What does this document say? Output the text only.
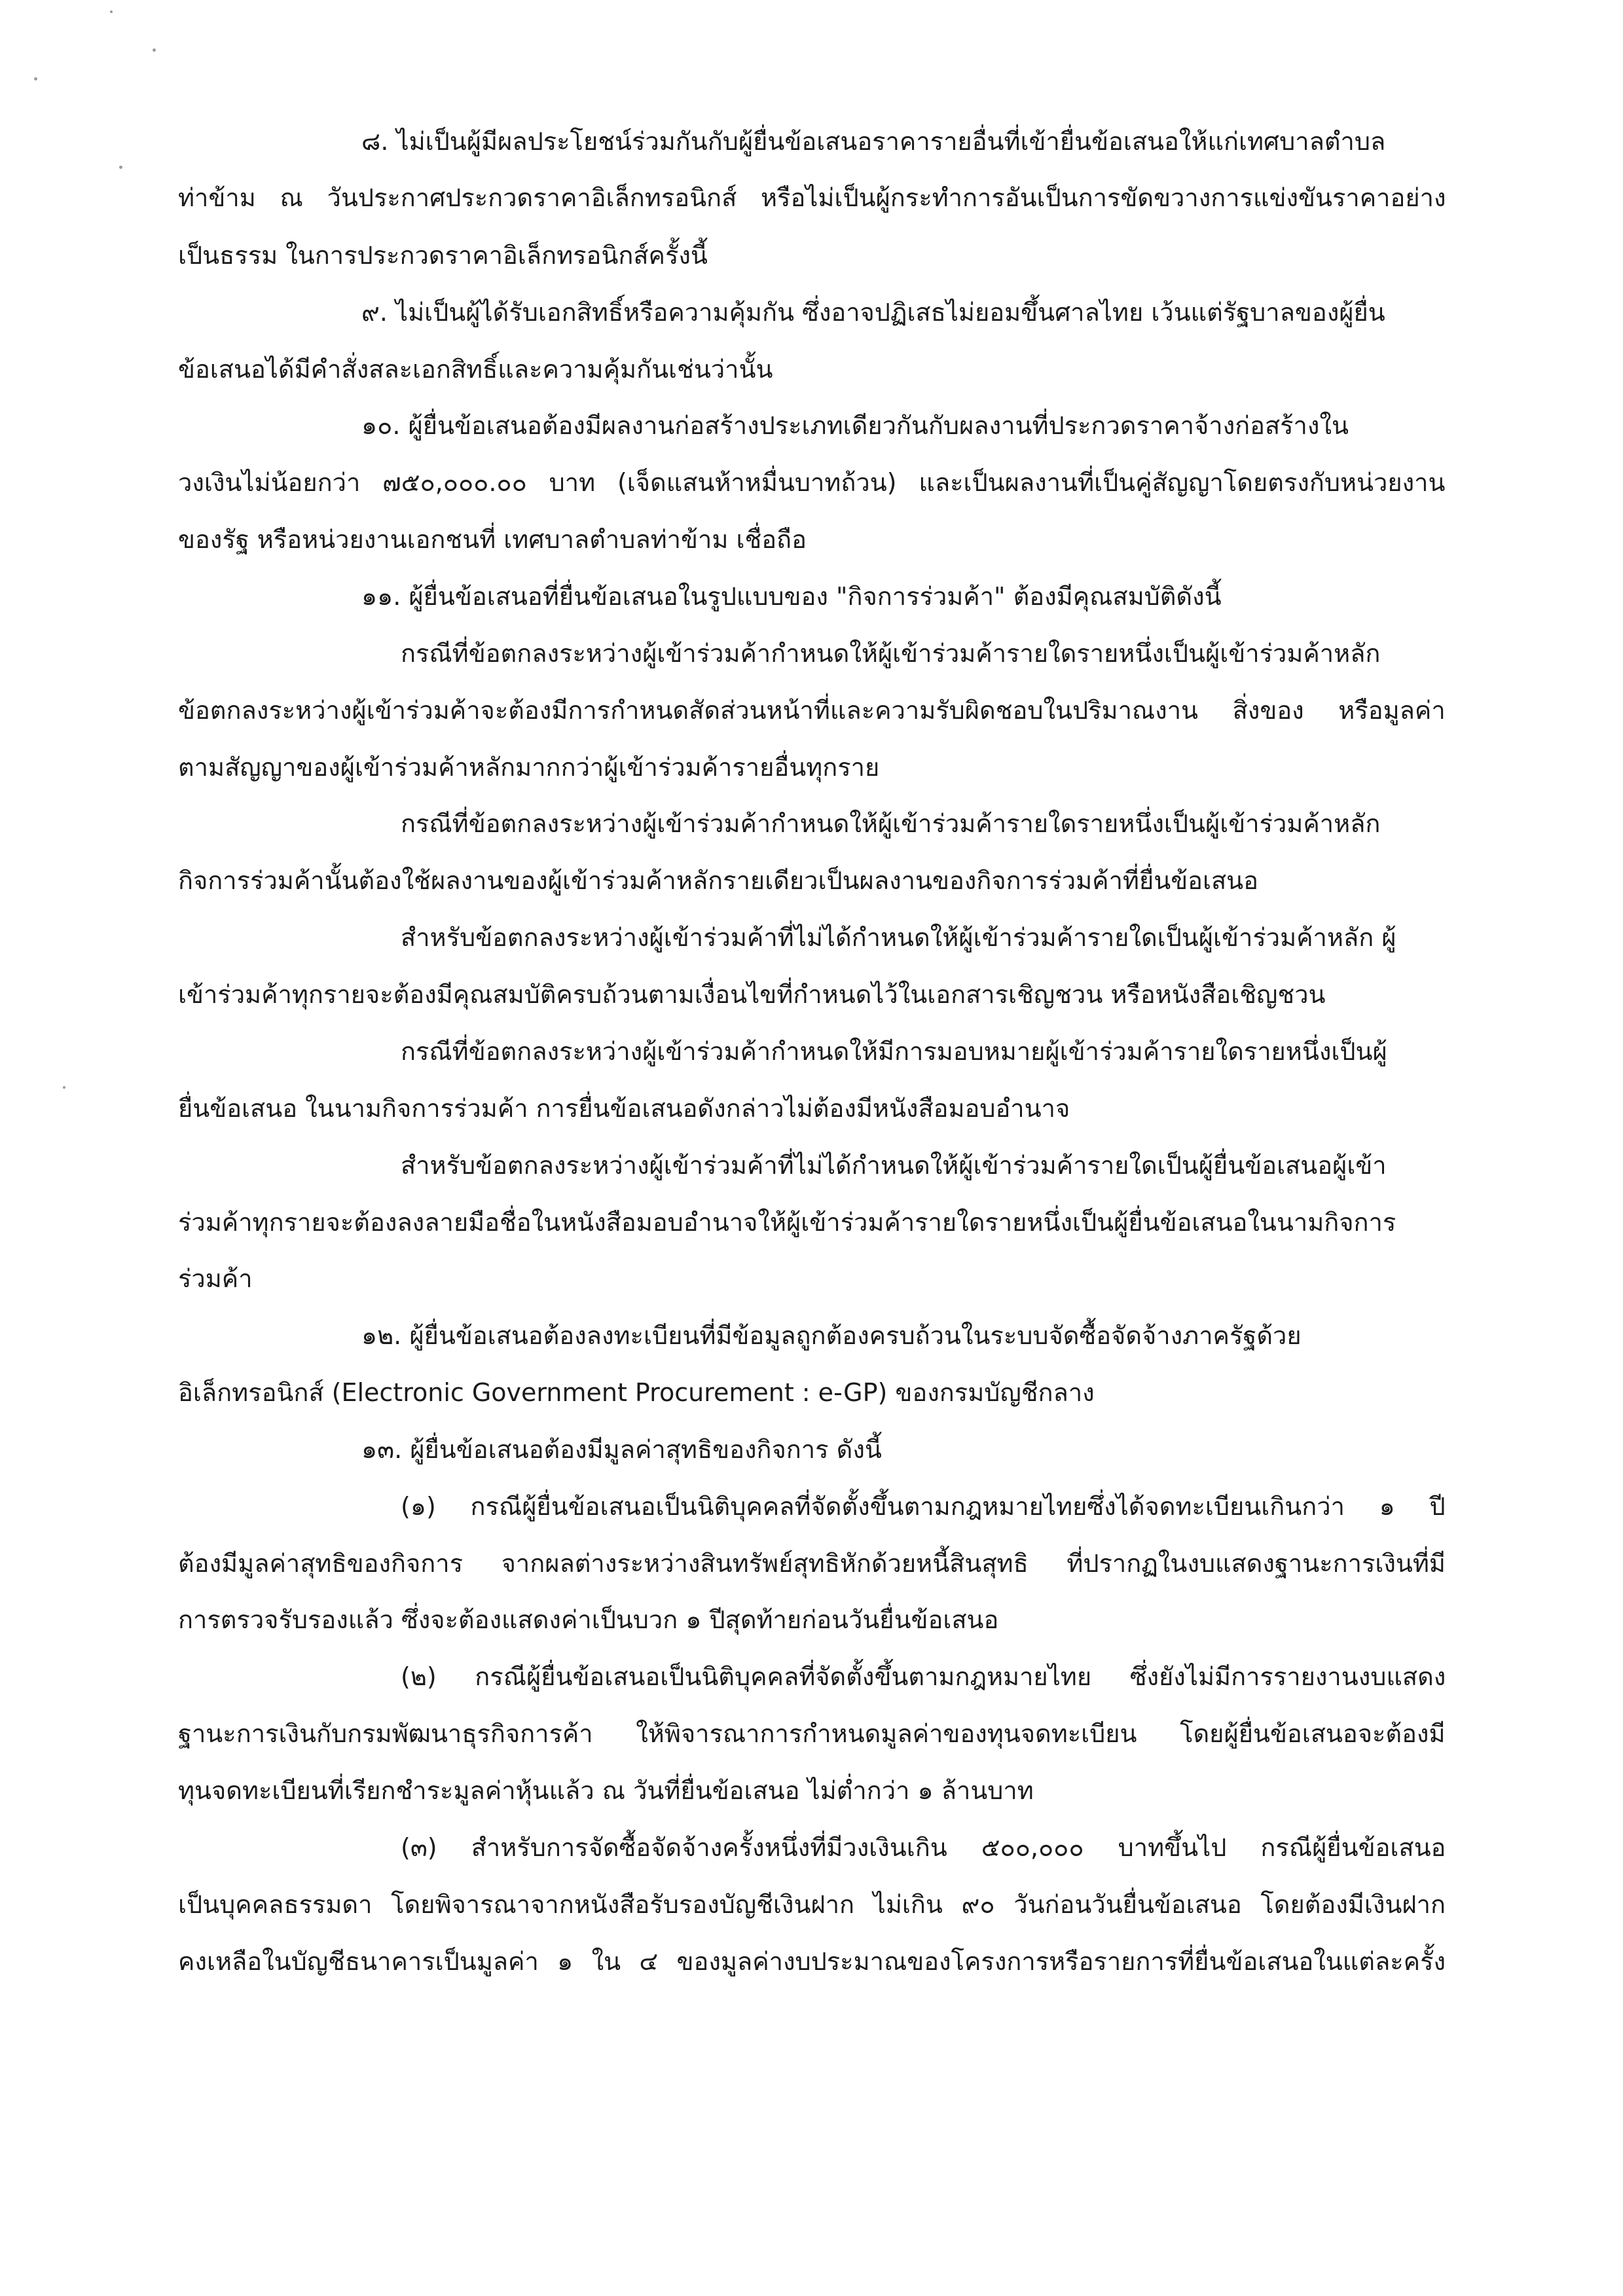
๘. ไม่เป็นผู้มีผลประโยชน์ร่วมกันกับผู้ยื่นข้อเสนอราคารายอื่นที่เข้ายื่นข้อเสนอให้แก่เทศบาลตำบล

ท่าข้าม ณ วันประกาศประกวดราคาอิเล็กทรอนิกส์ หรือไม่เป็นผู้กระทำการอันเป็นการขัดขวางการแข่งขันราคาอย่าง

เป็นธรรม ในการประกวดราคาอิเล็กทรอนิกส์ครั้งนี้

๙. ไม่เป็นผู้ได้รับเอกสิทธิ์หรือความคุ้มกัน ซึ่งอาจปฏิเสธไม่ยอมขึ้นศาลไทย เว้นแต่รัฐบาลของผู้ยื่น

ข้อเสนอได้มีคำสั่งสละเอกสิทธิ์และความคุ้มกันเช่นว่านั้น

๑๐. ผู้ยื่นข้อเสนอต้องมีผลงานก่อสร้างประเภทเดียวกันกับผลงานที่ประกวดราคาจ้างก่อสร้างใน

วงเงินไม่น้อยกว่า ๗๕๐,๐๐๐.๐๐ บาท (เจ็ดแสนห้าหมื่นบาทถ้วน) และเป็นผลงานที่เป็นคู่สัญญาโดยตรงกับหน่วยงาน

ของรัฐ หรือหน่วยงานเอกชนที่ เทศบาลตำบลท่าข้าม เชื่อถือ

๑๑. ผู้ยื่นข้อเสนอที่ยื่นข้อเสนอในรูปแบบของ "กิจการร่วมค้า" ต้องมีคุณสมบัติดังนี้

กรณีที่ข้อตกลงระหว่างผู้เข้าร่วมค้ากำหนดให้ผู้เข้าร่วมค้ารายใดรายหนึ่งเป็นผู้เข้าร่วมค้าหลัก

ข้อตกลงระหว่างผู้เข้าร่วมค้าจะต้องมีการกำหนดสัดส่วนหน้าที่และความรับผิดชอบในปริมาณงาน สิ่งของ หรือมูลค่า

ตามสัญญาของผู้เข้าร่วมค้าหลักมากกว่าผู้เข้าร่วมค้ารายอื่นทุกราย

กรณีที่ข้อตกลงระหว่างผู้เข้าร่วมค้ากำหนดให้ผู้เข้าร่วมค้ารายใดรายหนึ่งเป็นผู้เข้าร่วมค้าหลัก

กิจการร่วมค้านั้นต้องใช้ผลงานของผู้เข้าร่วมค้าหลักรายเดียวเป็นผลงานของกิจการร่วมค้าที่ยื่นข้อเสนอ

สำหรับข้อตกลงระหว่างผู้เข้าร่วมค้าที่ไม่ได้กำหนดให้ผู้เข้าร่วมค้ารายใดเป็นผู้เข้าร่วมค้าหลัก ผู้

เข้าร่วมค้าทุกรายจะต้องมีคุณสมบัติครบถ้วนตามเงื่อนไขที่กำหนดไว้ในเอกสารเชิญชวน หรือหนังสือเชิญชวน

กรณีที่ข้อตกลงระหว่างผู้เข้าร่วมค้ากำหนดให้มีการมอบหมายผู้เข้าร่วมค้ารายใดรายหนึ่งเป็นผู้

ยื่นข้อเสนอ ในนามกิจการร่วมค้า การยื่นข้อเสนอดังกล่าวไม่ต้องมีหนังสือมอบอำนาจ

สำหรับข้อตกลงระหว่างผู้เข้าร่วมค้าที่ไม่ได้กำหนดให้ผู้เข้าร่วมค้ารายใดเป็นผู้ยื่นข้อเสนอผู้เข้า

ร่วมค้าทุกรายจะต้องลงลายมือชื่อในหนังสือมอบอำนาจให้ผู้เข้าร่วมค้ารายใดรายหนึ่งเป็นผู้ยื่นข้อเสนอในนามกิจการ

ร่วมค้า

๑๒. ผู้ยื่นข้อเสนอต้องลงทะเบียนที่มีข้อมูลถูกต้องครบถ้วนในระบบจัดซื้อจัดจ้างภาครัฐด้วย

อิเล็กทรอนิกส์ (Electronic Government Procurement : e-GP) ของกรมบัญชีกลาง

๑๓. ผู้ยื่นข้อเสนอต้องมีมูลค่าสุทธิของกิจการ ดังนี้

(๑) กรณีผู้ยื่นข้อเสนอเป็นนิติบุคคลที่จัดตั้งขึ้นตามกฎหมายไทยซึ่งได้จดทะเบียนเกินกว่า ๑ ปี

ต้องมีมูลค่าสุทธิของกิจการ จากผลต่างระหว่างสินทรัพย์สุทธิหักด้วยหนี้สินสุทธิ ที่ปรากฏในงบแสดงฐานะการเงินที่มี

การตรวจรับรองแล้ว ซึ่งจะต้องแสดงค่าเป็นบวก ๑ ปีสุดท้ายก่อนวันยื่นข้อเสนอ

(๒) กรณีผู้ยื่นข้อเสนอเป็นนิติบุคคลที่จัดตั้งขึ้นตามกฎหมายไทย ซึ่งยังไม่มีการรายงานงบแสดง

ฐานะการเงินกับกรมพัฒนาธุรกิจการค้า ให้พิจารณาการกำหนดมูลค่าของทุนจดทะเบียน โดยผู้ยื่นข้อเสนอจะต้องมี

ทุนจดทะเบียนที่เรียกชำระมูลค่าหุ้นแล้ว ณ วันที่ยื่นข้อเสนอ ไม่ต่ำกว่า ๑ ล้านบาท

(๓) สำหรับการจัดซื้อจัดจ้างครั้งหนึ่งที่มีวงเงินเกิน ๕๐๐,๐๐๐ บาทขึ้นไป กรณีผู้ยื่นข้อเสนอ

เป็นบุคคลธรรมดา โดยพิจารณาจากหนังสือรับรองบัญชีเงินฝาก ไม่เกิน ๙๐ วันก่อนวันยื่นข้อเสนอ โดยต้องมีเงินฝาก

คงเหลือในบัญชีธนาคารเป็นมูลค่า ๑ ใน ๔ ของมูลค่างบประมาณของโครงการหรือรายการที่ยื่นข้อเสนอในแต่ละครั้ง
